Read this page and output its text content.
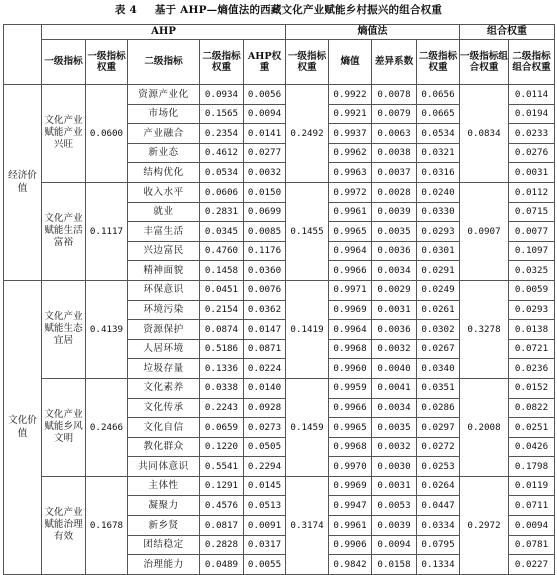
表 4 基于 AHP—熵值法的西藏文化产业赋能乡村振兴的组合权重
	AHP					熵值法				组合权重	
	一级指标	一级指标权重	二级指标	二级指标权重	AHP权重	一级指标权重	熵值	差异系数	二级指标权重	一级指标组合权重	二级指标组合权重
经济价值	文化产业赋能产业兴旺	0.0600	资源产业化	0.0934	0.0056	0.2492	0.9922	0.0078	0.0656	0.0834	0.0114
			市场化	0.1565	0.0094		0.9921	0.0079	0.0665		0.0194
			产业融合	0.2354	0.0141		0.9937	0.0063	0.0534		0.0233
			新业态	0.4612	0.0277		0.9962	0.0038	0.0321		0.0276
			结构优化	0.0534	0.0032		0.9963	0.0037	0.0316		0.0031
	文化产业赋能生活富裕	0.1117	收入水平	0.0606	0.0150	0.1455	0.9972	0.0028	0.0240	0.0907	0.0112
			就业	0.2831	0.0699		0.9961	0.0039	0.0330		0.0715
			丰富生活	0.0345	0.0085		0.9965	0.0035	0.0293		0.0077
			兴边富民	0.4760	0.1176		0.9964	0.0036	0.0301		0.1097
			精神面貌	0.1458	0.0360		0.9966	0.0034	0.0291		0.0325
文化价值	文化产业赋能生态宜居	0.4139	环保意识	0.0451	0.0076	0.1419	0.9971	0.0029	0.0249	0.3278	0.0059
			环境污染	0.2154	0.0362		0.9969	0.0031	0.0261		0.0293
			资源保护	0.0874	0.0147		0.9964	0.0036	0.0302		0.0138
			人居环境	0.5186	0.0871		0.9968	0.0032	0.0267		0.0721
			垃圾存量	0.1336	0.0224		0.9960	0.0040	0.0340		0.0236
	文化产业赋能乡风文明	0.2466	文化素养	0.0338	0.0140	0.1459	0.9959	0.0041	0.0351	0.2008	0.0152
			文化传承	0.2243	0.0928		0.9966	0.0034	0.0286		0.0822
			文化自信	0.0659	0.0273		0.9965	0.0035	0.0297		0.0251
			教化群众	0.1220	0.0505		0.9968	0.0032	0.0272		0.0426
			共同体意识	0.5541	0.2294		0.9970	0.0030	0.0253		0.1798
	文化产业赋能治理有效	0.1678	主体性	0.1291	0.0145	0.3174	0.9969	0.0031	0.0264	0.2972	0.0119
			凝聚力	0.4576	0.0513		0.9947	0.0053	0.0447		0.0711
			新乡贤	0.0817	0.0091		0.9961	0.0039	0.0334		0.0094
			团结稳定	0.2828	0.0317		0.9906	0.0094	0.0795		0.0781
			治理能力	0.0489	0.0055		0.9842	0.0158	0.1334		0.0227
